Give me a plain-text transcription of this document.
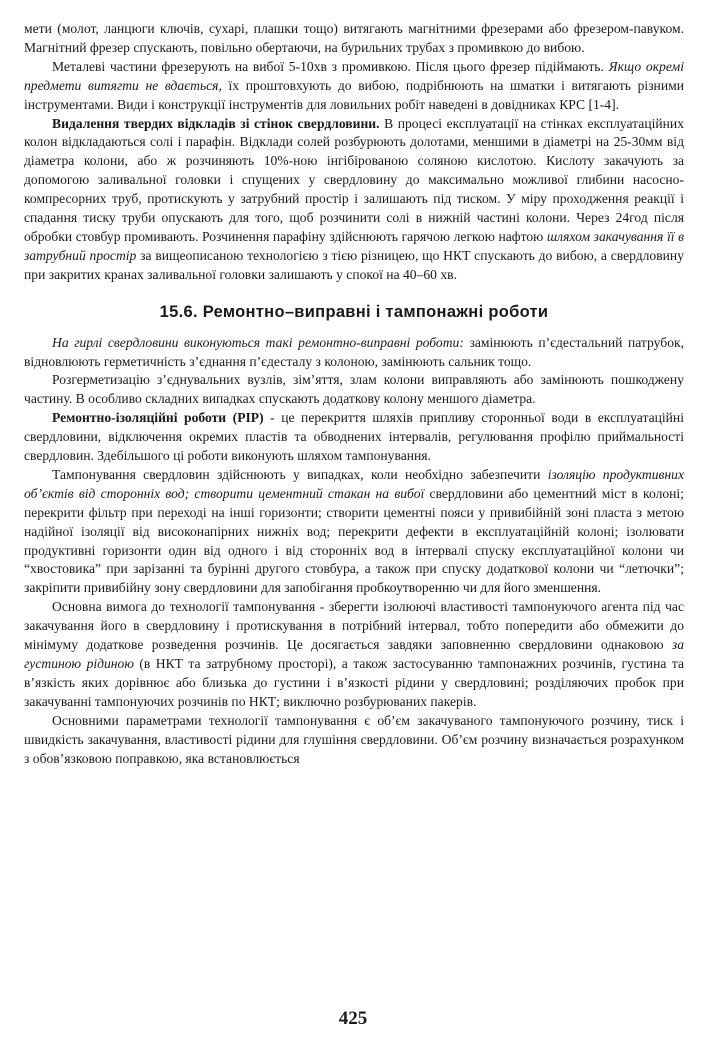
мети (молот, ланцюги ключів, сухарі, плашки тощо) витягають магнітними фрезерами або фрезером-павуком. Магнітний фрезер спускають, повільно обертаючи, на бурильних трубах з промивкою до вибою.

Металеві частини фрезерують на вибої 5-10хв з промивкою. Після цього фрезер підіймають. Якщо окремі предмети витягти не вдається, їх проштовхують до вибою, подрібнюють на шматки і витягають різними інструментами. Види і конструкції інструментів для ловильних робіт наведені в довідниках КРС [1-4].

Видалення твердих відкладів зі стінок свердловини. В процесі експлуатації на стінках експлуатаційних колон відкладаються солі і парафін. Відклади солей розбурюють долотами, меншими в діаметрі на 25-30мм від діаметра колони, або ж розчиняють 10%-ною інгібірованою соляною кислотою. Кислоту закачують за допомогою заливальної головки і спущених у свердловину до максимально можливої глибини насосно-компресорних труб, протискують у затрубний простір і залишають під тиском. У міру проходження реакції і спадання тиску труби опускають для того, щоб розчинити солі в нижній частині колони. Через 24год після обробки стовбур промивають. Розчинення парафіну здійснюють гарячою легкою нафтою шляхом закачування її в затрубний простір за вищеописаною технологією з тією різницею, що НКТ спускають до вибою, а свердловину при закритих кранах заливальної головки залишають у спокої на 40–60 хв.

15.6. Ремонтно–виправні і тампонажні роботи

На гирлі свердловини виконуються такі ремонтно-виправні роботи: замінюють п’єдестальний патрубок, відновлюють герметичність з’єднання п’єдесталу з колоною, замінюють сальник тощо.

Розгерметизацію з’єднувальних вузлів, зім’яття, злам колони виправляють або замінюють пошкоджену частину. В особливо складних випадках спускають додаткову колону меншого діаметра.

Ремонтно-ізоляційні роботи (РІР) - це перекриття шляхів припливу сторонньої води в експлуатаційні свердловини, відключення окремих пластів та обводнених інтервалів, регулювання профілю приймальності свердловин. Здебільшого ці роботи виконують шляхом тампонування.

Тампонування свердловин здійснюють у випадках, коли необхідно забезпечити ізоляцію продуктивних об’єктів від сторонніх вод; створити цементний стакан на вибої свердловини або цементний міст в колоні; перекрити фільтр при переході на інші горизонти; створити цементні пояси у привибійній зоні пласта з метою надійної ізоляції від високонапірних нижніх вод; перекрити дефекти в експлуатаційній колоні; ізолювати продуктивні горизонти один від одного і від сторонніх вод в інтервалі спуску експлуатаційної колони чи “хвостовика” при зарізанні та бурінні другого стовбура, а також при спуску додаткової колони чи “летючки”; закріпити привибійну зону свердловини для запобігання пробкоутворенню чи для його зменшення.

Основна вимога до технології тампонування - зберегти ізолюючі властивості тампонуючого агента під час закачування його в свердловину і протискування в потрібний інтервал, тобто попередити або обмежити до мінімуму додаткове розведення розчинів. Це досягається завдяки заповненню свердловини однаковою за густиною рідиною (в НКТ та затрубному просторі), а також застосуванню тампонажних розчинів, густина та в’язкість яких дорівнює або близька до густини і в’язкості рідини у свердловині; розділяючих пробок при закачуванні тампонуючих розчинів по НКТ; виключно розбурюваних пакерів.

Основними параметрами технології тампонування є об’єм закачуваного тампонуючого розчину, тиск і швидкість закачування, властивості рідини для глушіння свердловини. Об’єм розчину визначається розрахунком з обов’язковою поправкою, яка встановлюється

425
